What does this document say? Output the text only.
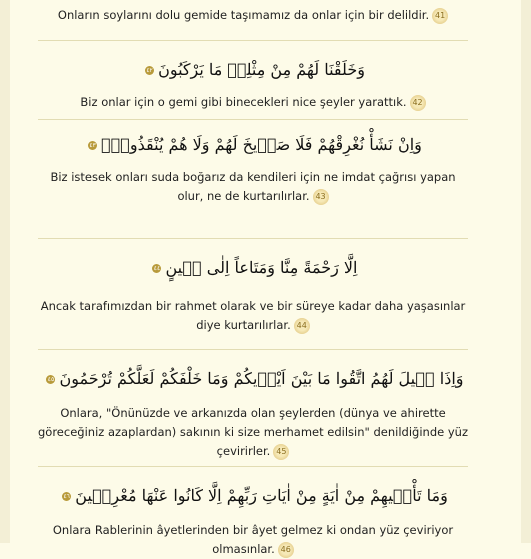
Onların soylarını dolu gemide taşımamız da onlar için bir delildir. 41
وَخَلَقْنَا لَهُمْ مِنْ مِثْلِهٖ مَا يَرْكَبُونَ٤٢
Biz onlar için o gemi gibi binecekleri nice şeyler yarattık. 42
وَاِنْ نَشَأْ نُغْرِقْهُمْ فَلَا صَرٖيخَ لَهُمْ وَلَا هُمْ يُنْقَذُونَۙ٤٣
Biz istesek onları suda boğarız da kendileri için ne imdat çağrısı yapan olur, ne de kurtarılırlar. 43
اِلَّا رَحْمَةً مِنَّا وَمَتَاعاً اِلٰى حٖينٍ٤٤
Ancak tarafımızdan bir rahmet olarak ve bir süreye kadar daha yaşasınlar diye kurtarılırlar. 44
وَاِذَا قٖيلَ لَهُمُ اتَّقُوا مَا بَيْنَ اَيْدٖيكُمْ وَمَا خَلْفَكُمْ لَعَلَّكُمْ تُرْحَمُونَ٤٥
Onlara, "Önünüzde ve arkanızda olan şeylerden (dünya ve ahirette göreceğiniz azaplardan) sakının ki size merhamet edilsin" denildiğinde yüz çevirirler. 45
وَمَا تَأْتٖيهِمْ مِنْ اٰيَةٍ مِنْ اٰيَاتِ رَبِّهِمْ اِلَّا كَانُوا عَنْهَا مُعْرِضٖينَ٤٦
Onlara Rablerinin âyetlerinden bir âyet gelmez ki ondan yüz çeviriyor olmasınlar. 46
